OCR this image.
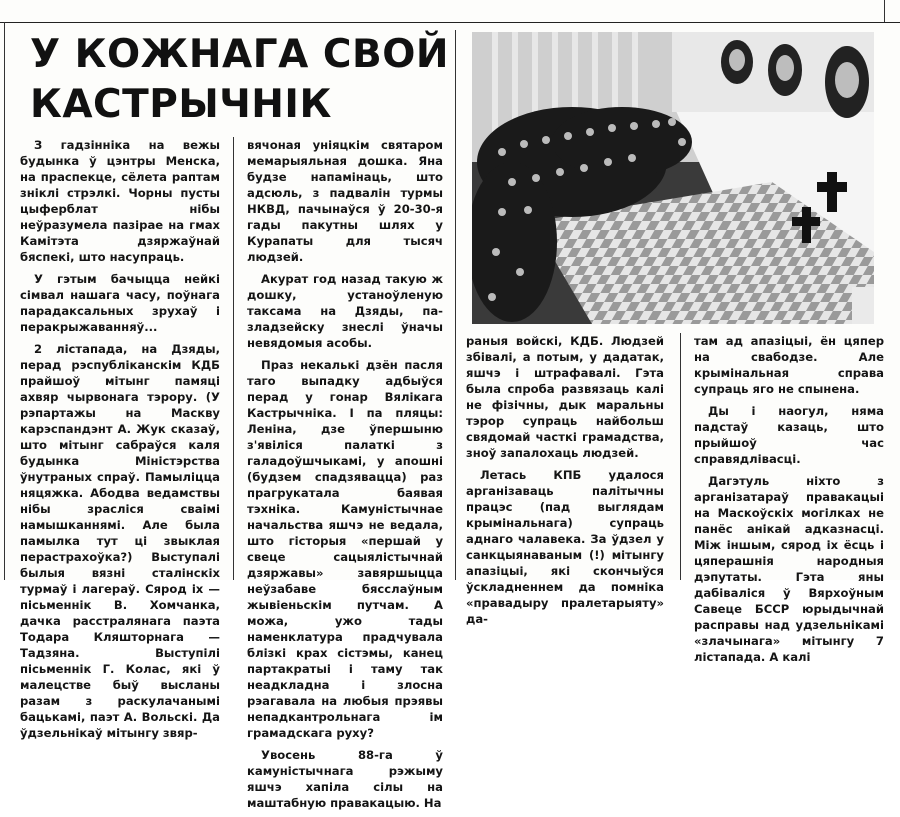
У КОЖНАГА СВОЙ
КАСТРЫЧНІК

З гадзінніка на вежы будынка ў цэнтры Менска, на праспекце, сёлета раптам зніклі стрэлкі. Чорны пусты цыферблат нібы неўразумела пазірае на гмах Камітэта дзяржаўнай бяспекі, што насупраць.

У гэтым бачыцца нейкі сімвал нашага часу, поўнага парадаксальных зрухаў і перакрыжаванняў...

2 лістапада, на Дзяды, перад рэспубліканскім КДБ прайшоў мітынг памяці ахвяр чырвонага тэрору. (У рэпартажы на Маскву карэспандэнт А. Жук сказаў, што мітынг сабраўся каля будынка Міністэрства ўнутраных спраў. Памыліцца няцяжка. Абодва ведамствы нібы зрасліся сваімі намышканнямі. Але была памылка тут ці звыклая перастрахоўка?) Выступалі былыя вязні сталінскіх турмаў і лагераў. Сярод іх — пісьменнік В. Хомчанка, дачка расстралянага паэта Тодара Кляшторнага — Тадзяна. Выступілі пісьменнік Г. Колас, які ў малецстве быў высланы разам з раскулачанымі бацькамі, паэт А. Вольскі. Да ўдзельнікаў мітынгу звяр-

вячоная уніяцкім святаром мемарыяльная дошка. Яна будзе напамінаць, што адсюль, з падвалін турмы НКВД, пачынаўся ў 20-30-я гады пакутны шлях у Курапаты для тысяч людзей.

Акурат год назад такую ж дошку, устаноўленую таксама на Дзяды, па-зладзейску знеслі ўначы невядомыя асобы.

Праз некалькі дзён пасля таго выпадку адбыўся перад у гонар Вялікага Кастрычніка. І па пляцы: Леніна, дзе ўпершыню з'явіліся палаткі з галадоўшчыкамі, у апошні (будзем спадзявацца) раз прагрукатала баявая тэхніка. Камуністычнае начальства яшчэ не ведала, што гісторыя «першай у свеце сацыялістычнай дзяржавы» завяршыцца неўзабаве бясслаўным жывіеньскім путчам. А можа, ужо тады наменклатура прадчувала блізкі крах сістэмы, канец партакратыі і таму так неадкладна і злосна рэагавала на любыя прэявы непадкантрольнага ім грамадскага руху?

Увосень 88-га ў камуністычнага рэжыму яшчэ хапіла сілы на маштабную правакацыю. На

раныя войскі, КДБ. Людзей збівалі, а потым, у дадатак, яшчэ і штрафавалі. Гэта была спроба развязаць калі не фізічны, дык маральны тэрор супраць найбольш свядомай часткі грамадства, зноў запалохаць людзей.

Летась КПБ удалося арганізаваць палітычны працэс (пад выглядам крымінальнага) супраць аднаго чалавека. За ўдзел у санкцыянаваным (!) мітынгу апазіцыі, які скончыўся ўскладненнем да помніка «правадыру пралетарыяту» да-

там ад апазіцыі, ён цяпер на свабодзе. Але крымінальная справа супраць яго не спынена.

Ды і наогул, няма падстаў казаць, што прыйшоў час справядлівасці.

Дагэтуль ніхто з арганізатараў правакацыі на Маскоўскіх могілках не панёс анікай адказнасці. Між іншым, сярод іх ёсць і цяперашнія народныя дэпутаты. Гэта яны дабіваліся ў Вярхоўным Савеце БССР юрыдычнай расправы над удзельнікамі «злачынага» мітынгу 7 лістапада. А калі
